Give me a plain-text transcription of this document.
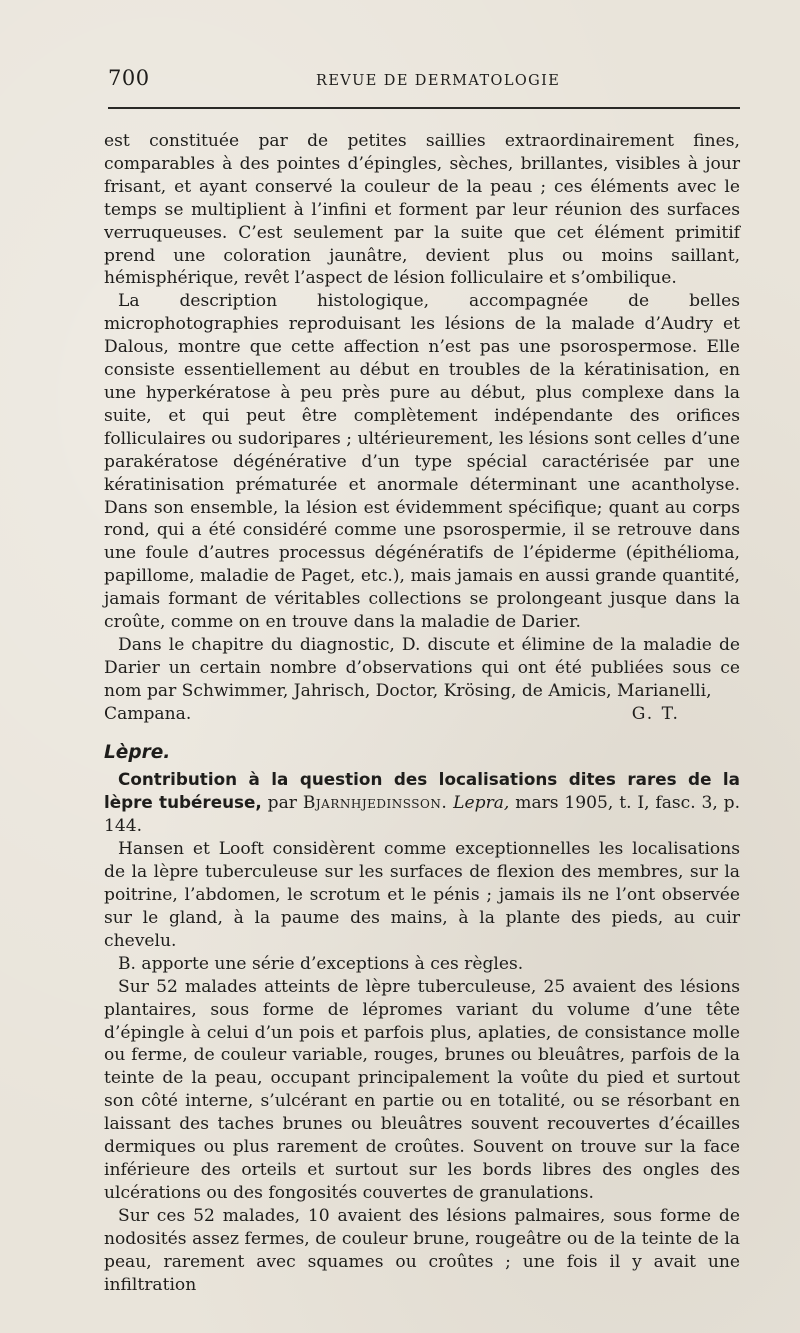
700	REVUE DE DERMATOLOGIE

est constituée par de petites saillies extraordinairement fines, comparables à des pointes d’épingles, sèches, brillantes, visibles à jour frisant, et ayant conservé la couleur de la peau ; ces éléments avec le temps se multiplient à l’infini et forment par leur réunion des surfaces verruqueuses. C’est seulement par la suite que cet élément primitif prend une coloration jaunâtre, devient plus ou moins saillant, hémisphérique, revêt l’aspect de lésion folliculaire et s’ombilique.

La description histologique, accompagnée de belles microphotographies reproduisant les lésions de la malade d’Audry et Dalous, montre que cette affection n’est pas une psorospermose. Elle consiste essentiellement au début en troubles de la kératinisation, en une hyperkératose à peu près pure au début, plus complexe dans la suite, et qui peut être complètement indépendante des orifices folliculaires ou sudoripares ; ultérieurement, les lésions sont celles d’une parakératose dégénérative d’un type spécial caractérisée par une kératinisation prématurée et anormale déterminant une acantholyse. Dans son ensemble, la lésion est évidemment spécifique; quant au corps rond, qui a été considéré comme une psorospermie, il se retrouve dans une foule d’autres processus dégénératifs de l’épiderme (épithélioma, papillome, maladie de Paget, etc.), mais jamais en aussi grande quantité, jamais formant de véritables collections se prolongeant jusque dans la croûte, comme on en trouve dans la maladie de Darier.

Dans le chapitre du diagnostic, D. discute et élimine de la maladie de Darier un certain nombre d’observations qui ont été publiées sous ce nom par Schwimmer, Jahrisch, Doctor, Krösing, de Amicis, Marianelli,

Campana.	G. T.
Lèpre.

Contribution à la question des localisations dites rares de la lèpre tubéreuse, par Bjarnhjedinsson. Lepra, mars 1905, t. I, fasc. 3, p. 144.

Hansen et Looft considèrent comme exceptionnelles les localisations de la lèpre tuberculeuse sur les surfaces de flexion des membres, sur la poitrine, l’abdomen, le scrotum et le pénis ; jamais ils ne l’ont observée sur le gland, à la paume des mains, à la plante des pieds, au cuir chevelu.

B. apporte une série d’exceptions à ces règles.

Sur 52 malades atteints de lèpre tuberculeuse, 25 avaient des lésions plantaires, sous forme de lépromes variant du volume d’une tête d’épingle à celui d’un pois et parfois plus, aplaties, de consistance molle ou ferme, de couleur variable, rouges, brunes ou bleuâtres, parfois de la teinte de la peau, occupant principalement la voûte du pied et surtout son côté interne, s’ulcérant en partie ou en totalité, ou se résorbant en laissant des taches brunes ou bleuâtres souvent recouvertes d’écailles dermiques ou plus rarement de croûtes. Souvent on trouve sur la face inférieure des orteils et surtout sur les bords libres des ongles des ulcérations ou des fongosités couvertes de granulations.

Sur ces 52 malades, 10 avaient des lésions palmaires, sous forme de nodosités assez fermes, de couleur brune, rougeâtre ou de la teinte de la peau, rarement avec squames ou croûtes ; une fois il y avait une infiltration
